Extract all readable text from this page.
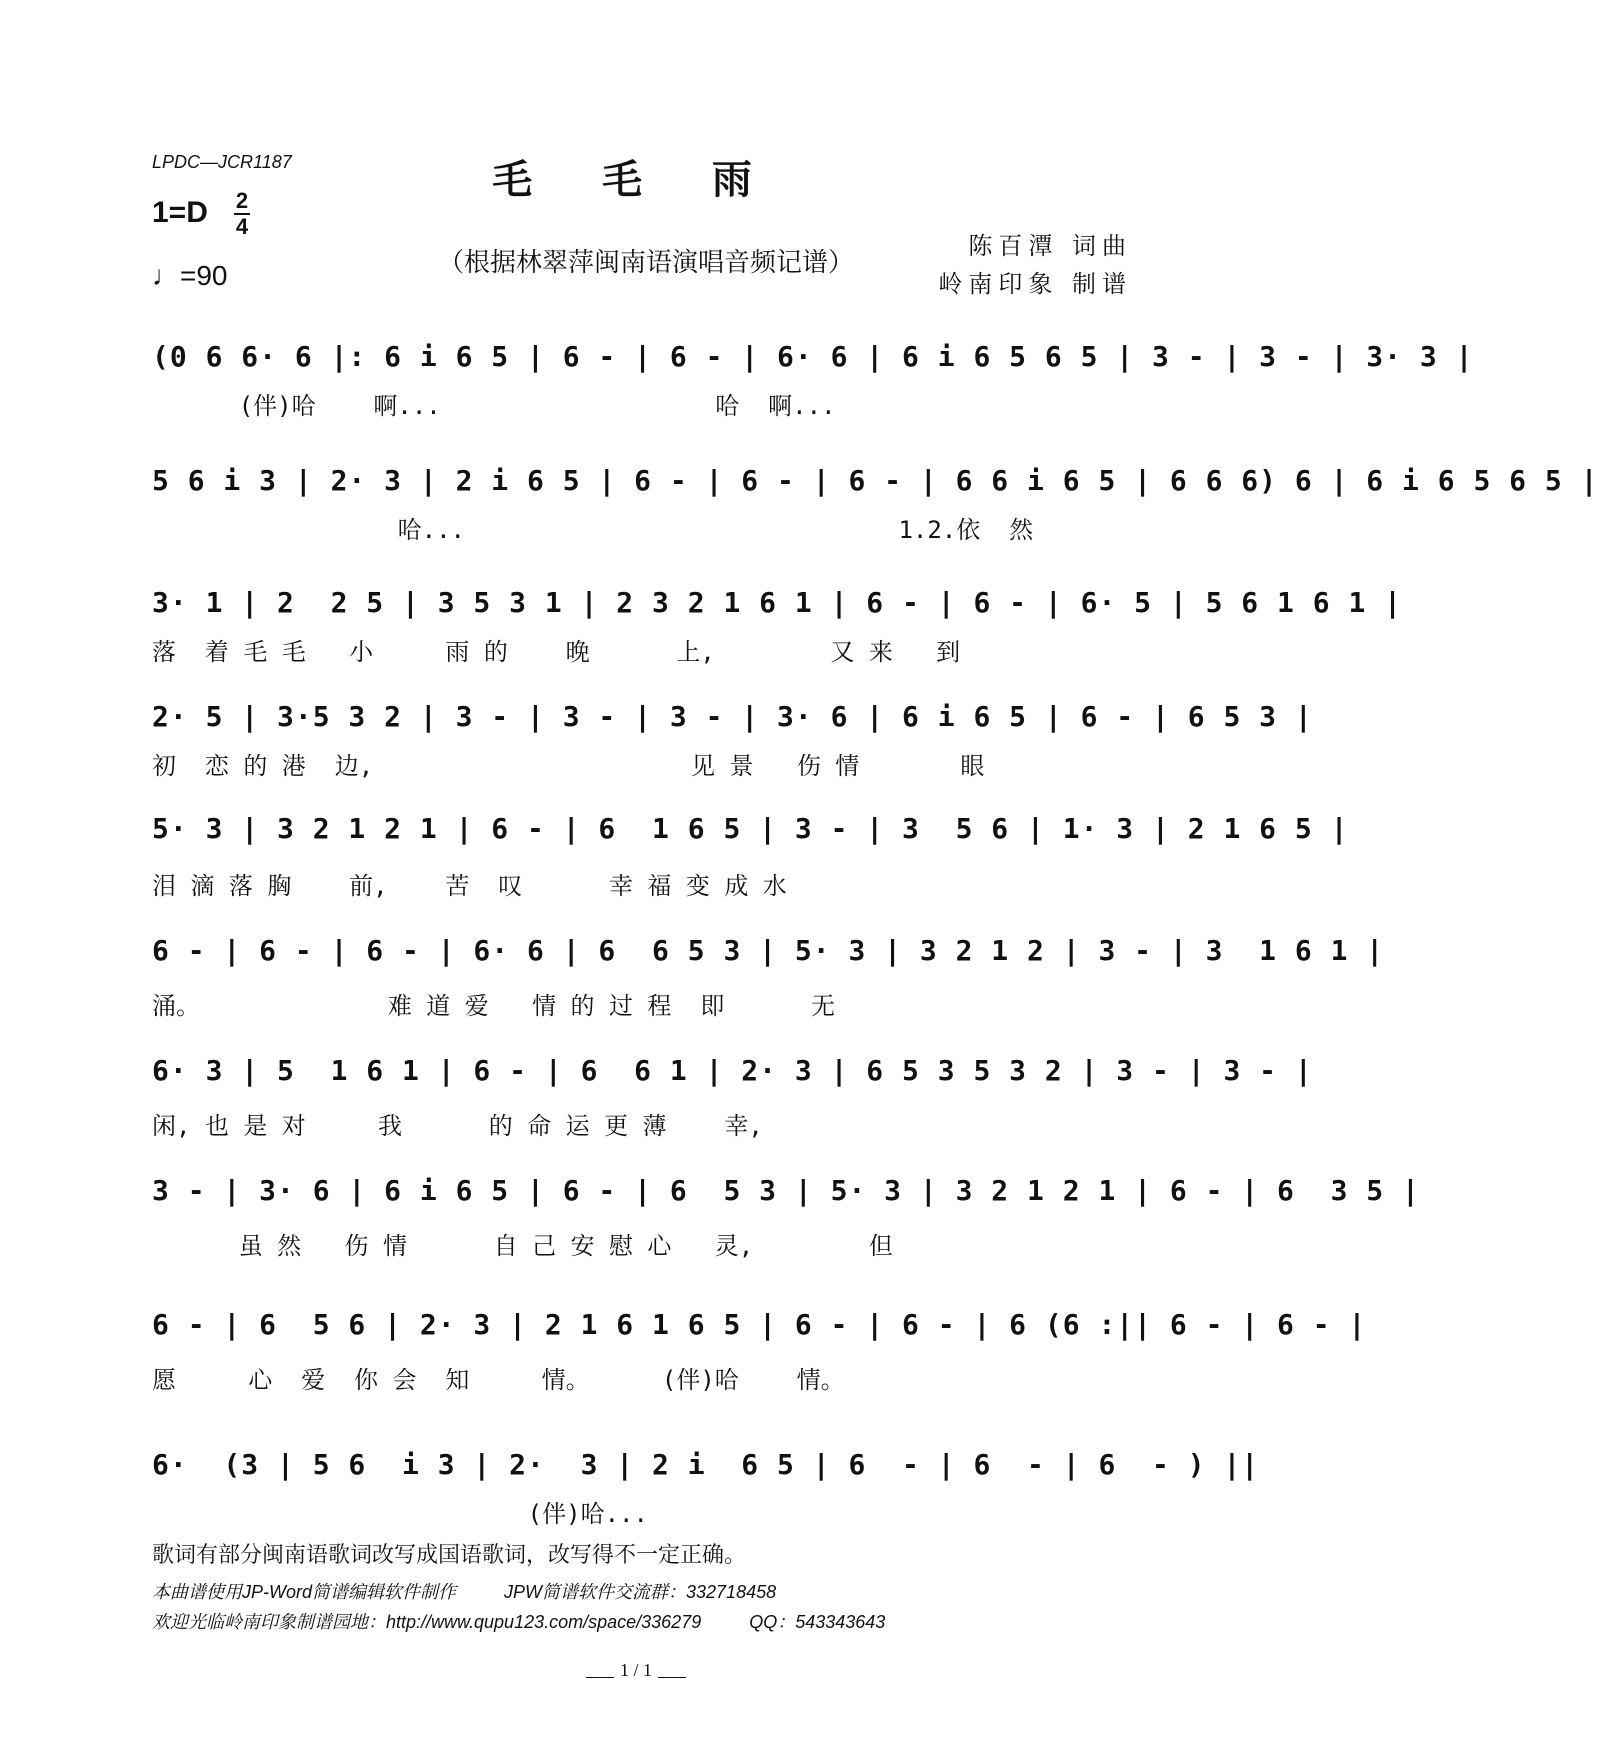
LPDC—JCR1187	毛 毛 雨
1=D 2
4
♩=90	（根据林翠萍闽南语演唱音频记谱）
陈百潭 词曲
岭南印象 制谱
(0 6 6· 6 |: 6 i 6 5 | 6 - | 6 - | 6· 6 | 6 i 6 5 6 5 | 3 - | 3 - | 3· 3 |
(伴)哈    啊...                   哈  啊...
5 6 i 3 | 2· 3 | 2 i 6 5 | 6 - | 6 - | 6 - | 6 6 i 6 5 | 6 6 6) 6 | 6 i 6 5 6 5 |
哈...                              1.2.依  然
3· 1 | 2  2 5 | 3 5 3 1 | 2 3 2 1 6 1 | 6 - | 6 - | 6· 5 | 5 6 1 6 1 |
落  着 毛 毛   小     雨 的    晚      上,        又 来   到
2· 5 | 3·5 3 2 | 3 - | 3 - | 3 - | 3· 6 | 6 i 6 5 | 6 - | 6 5 3 |
初  恋 的 港  边,                      见 景   伤 情       眼
5· 3 | 3 2 1 2 1 | 6 - | 6  1 6 5 | 3 - | 3  5 6 | 1· 3 | 2 1 6 5 |
泪 滴 落 胸    前,    苦  叹      幸 福 变 成 水
6 - | 6 - | 6 - | 6· 6 | 6  6 5 3 | 5· 3 | 3 2 1 2 | 3 - | 3  1 6 1 |
涌。             难 道 爱   情 的 过 程  即      无
6· 3 | 5  1 6 1 | 6 - | 6  6 1 | 2· 3 | 6 5 3 5 3 2 | 3 - | 3 - |
闲, 也 是 对     我      的 命 运 更 薄    幸,
3 - | 3· 6 | 6 i 6 5 | 6 - | 6  5 3 | 5· 3 | 3 2 1 2 1 | 6 - | 6  3 5 |
虽 然   伤 情      自 己 安 慰 心   灵,        但
6 - | 6  5 6 | 2· 3 | 2 1 6 1 6 5 | 6 - | 6 - | 6 (6 :|| 6 - | 6 - |
愿     心  爱  你 会  知     情。     (伴)哈    情。
6·  (3 | 5 6  i 3 | 2·  3 | 2 i  6 5 | 6  - | 6  - | 6  - ) ||
(伴)哈...
歌词有部分闽南语歌词改写成国语歌词，改写得不一定正确。
本曲谱使用JP-Word简谱编辑软件制作	JPW简谱软件交流群：332718458
欢迎光临岭南印象制谱园地：http://www.qupu123.com/space/336279	QQ：543343643
1 / 1
